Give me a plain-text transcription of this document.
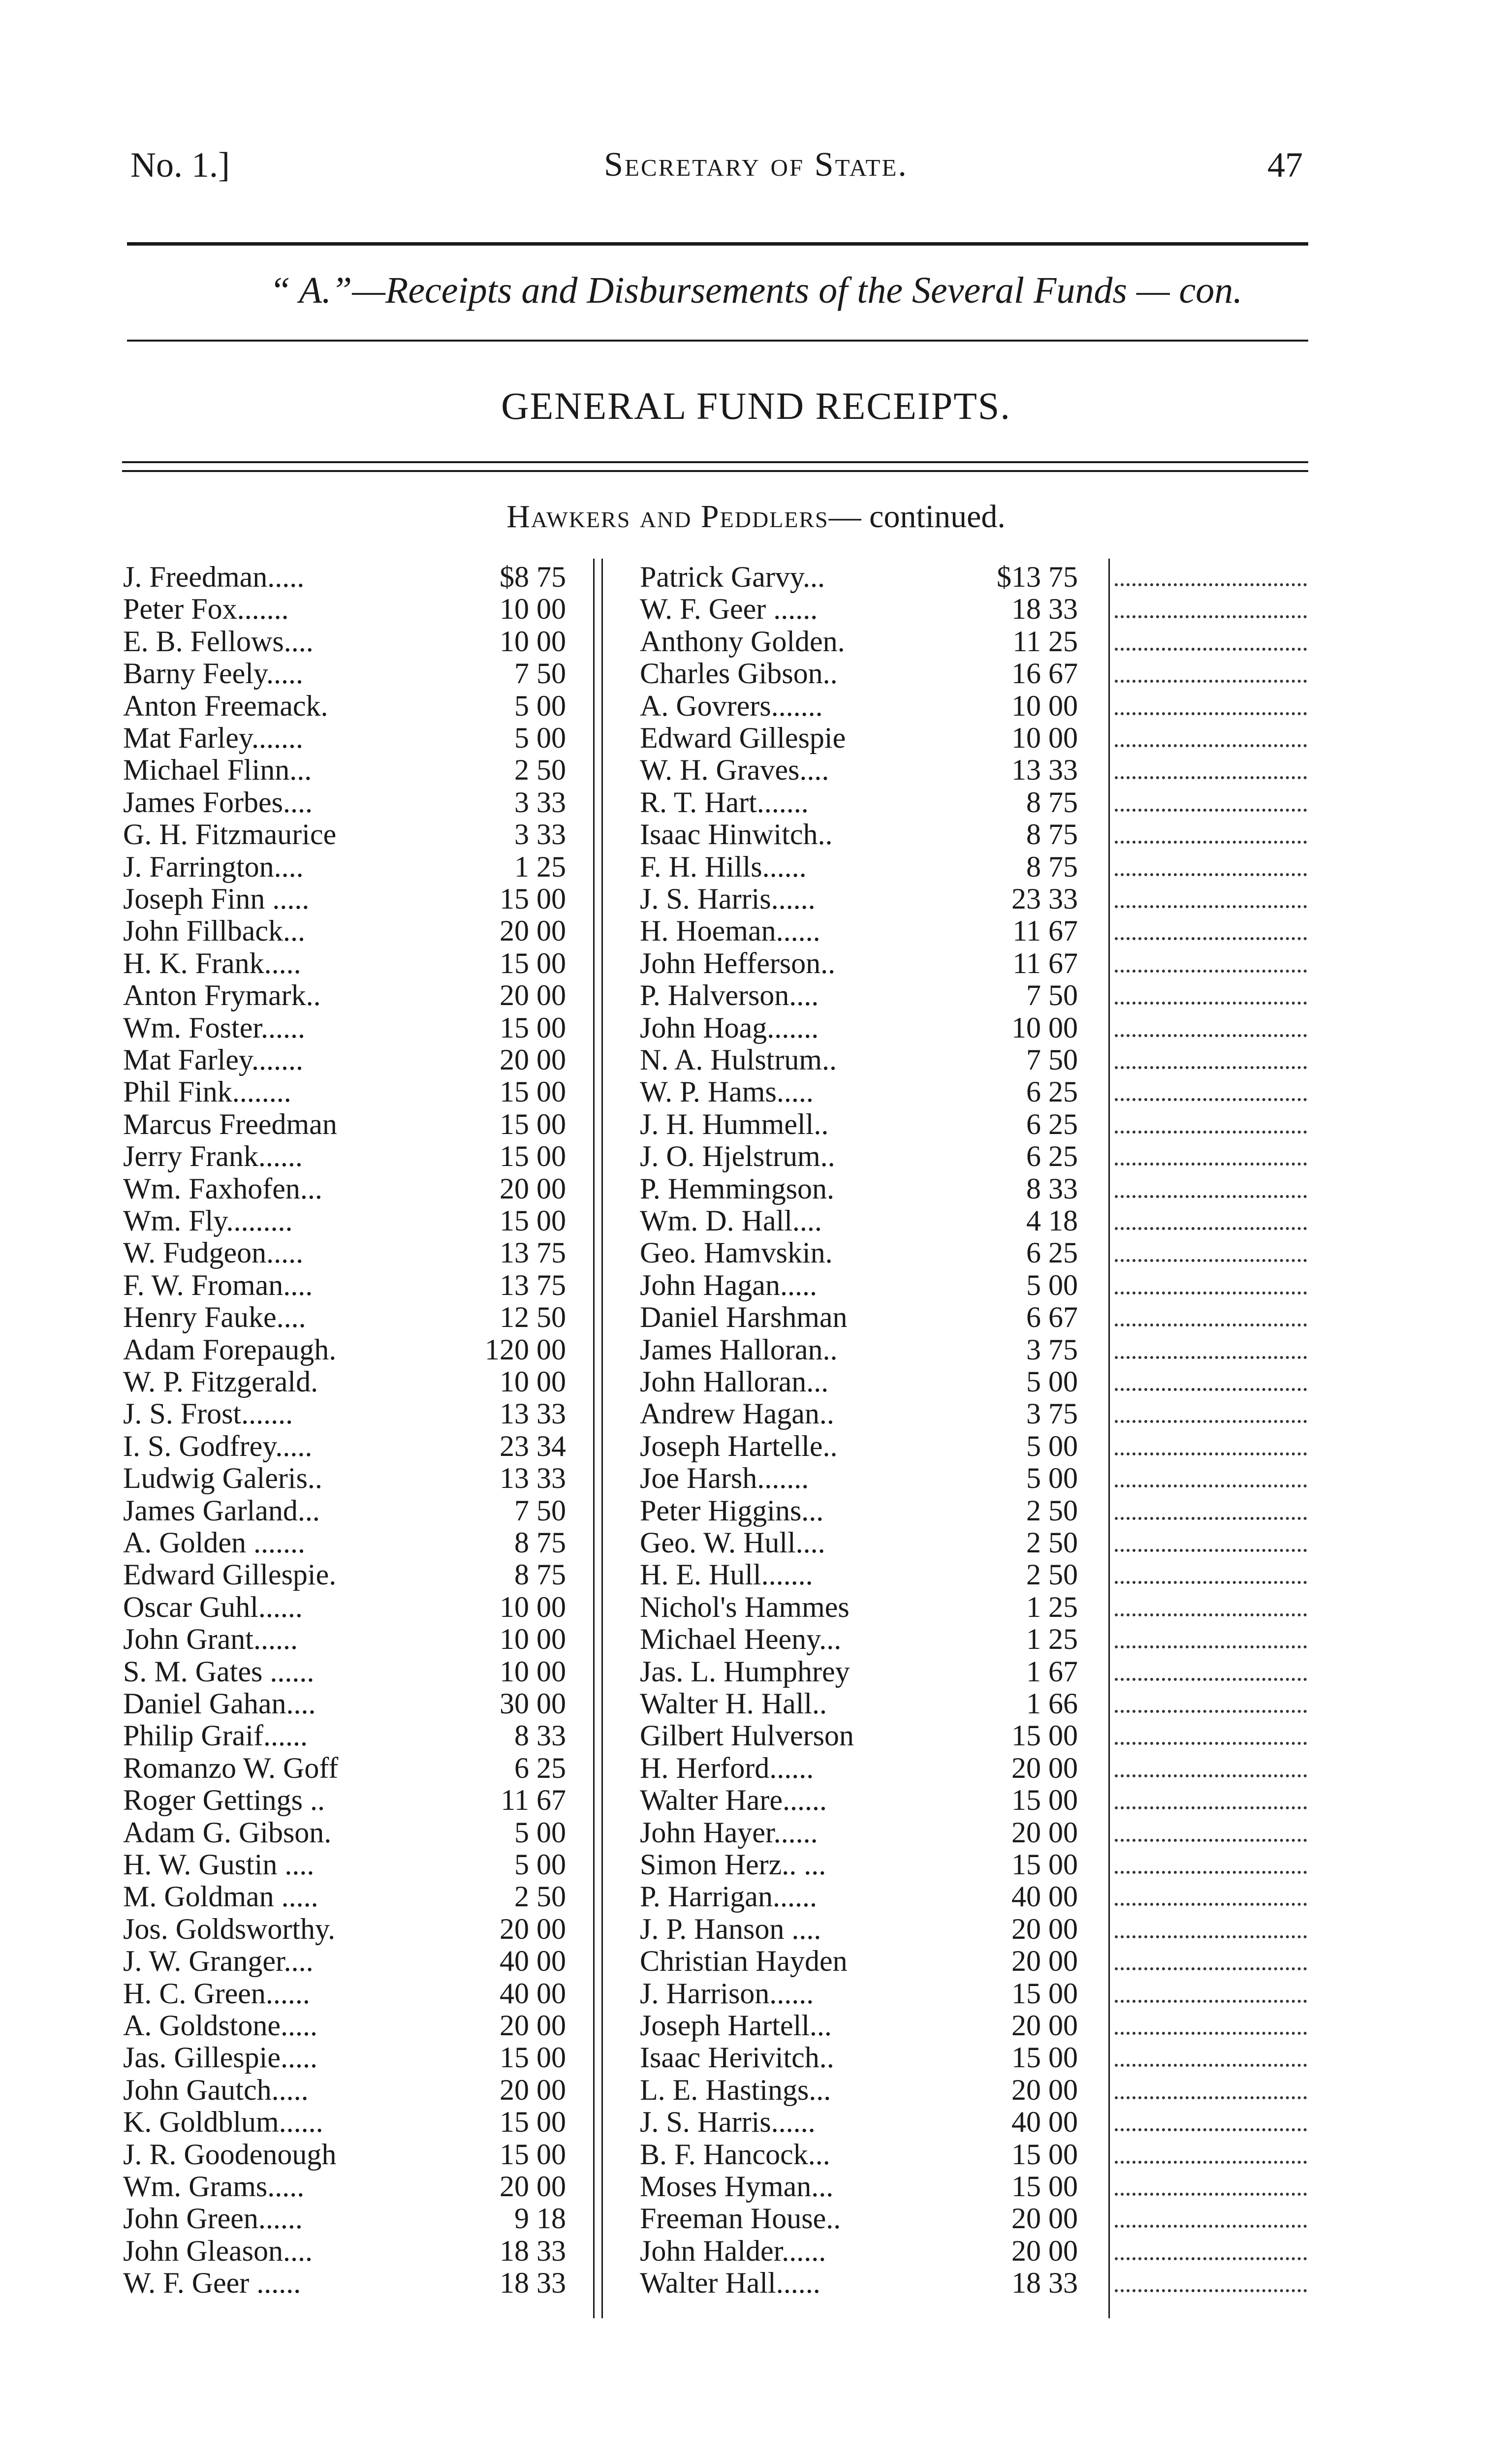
No. 1.]	Secretary of State.	47
“ A.”—Receipts and Disbursements of the Several Funds — con.
GENERAL FUND RECEIPTS.
Hawkers and Peddlers— continued.
J. Freedman.....	$8 75
Peter Fox.......	10 00
E. B. Fellows....	10 00
Barny Feely.....	7 50
Anton Freemack.	5 00
Mat Farley.......	5 00
Michael Flinn...	2 50
James Forbes....	3 33
G. H. Fitzmaurice	3 33
J. Farrington....	1 25
Joseph Finn .....	15 00
John Fillback...	20 00
H. K. Frank.....	15 00
Anton Frymark..	20 00
Wm. Foster......	15 00
Mat Farley.......	20 00
Phil Fink........	15 00
Marcus Freedman	15 00
Jerry Frank......	15 00
Wm. Faxhofen...	20 00
Wm. Fly.........	15 00
W. Fudgeon.....	13 75
F. W. Froman....	13 75
Henry Fauke....	12 50
Adam Forepaugh.	120 00
W. P. Fitzgerald.	10 00
J. S. Frost.......	13 33
I. S. Godfrey.....	23 34
Ludwig Galeris..	13 33
James Garland...	7 50
A. Golden .......	8 75
Edward Gillespie.	8 75
Oscar Guhl......	10 00
John Grant......	10 00
S. M. Gates ......	10 00
Daniel Gahan....	30 00
Philip Graif......	8 33
Romanzo W. Goff	6 25
Roger Gettings ..	11 67
Adam G. Gibson.	5 00
H. W. Gustin ....	5 00
M. Goldman .....	2 50
Jos. Goldsworthy.	20 00
J. W. Granger....	40 00
H. C. Green......	40 00
A. Goldstone.....	20 00
Jas. Gillespie.....	15 00
John Gautch.....	20 00
K. Goldblum......	15 00
J. R. Goodenough	15 00
Wm. Grams.....	20 00
John Green......	9 18
John Gleason....	18 33
W. F. Geer ......	18 33
Patrick Garvy...	$13 75
W. F. Geer ......	18 33
Anthony Golden.	11 25
Charles Gibson..	16 67
A. Govrers.......	10 00
Edward Gillespie	10 00
W. H. Graves....	13 33
R. T. Hart.......	8 75
Isaac Hinwitch..	8 75
F. H. Hills......	8 75
J. S. Harris......	23 33
H. Hoeman......	11 67
John Hefferson..	11 67
P. Halverson....	7 50
John Hoag.......	10 00
N. A. Hulstrum..	7 50
W. P. Hams.....	6 25
J. H. Hummell..	6 25
J. O. Hjelstrum..	6 25
P. Hemmingson.	8 33
Wm. D. Hall....	4 18
Geo. Hamvskin.	6 25
John Hagan.....	5 00
Daniel Harshman	6 67
James Halloran..	3 75
John Halloran...	5 00
Andrew Hagan..	3 75
Joseph Hartelle..	5 00
Joe Harsh.......	5 00
Peter Higgins...	2 50
Geo. W. Hull....	2 50
H. E. Hull.......	2 50
Nichol's Hammes	1 25
Michael Heeny...	1 25
Jas. L. Humphrey	1 67
Walter H. Hall..	1 66
Gilbert Hulverson	15 00
H. Herford......	20 00
Walter Hare......	15 00
John Hayer......	20 00
Simon Herz.. ...	15 00
P. Harrigan......	40 00
J. P. Hanson ....	20 00
Christian Hayden	20 00
J. Harrison......	15 00
Joseph Hartell...	20 00
Isaac Herivitch..	15 00
L. E. Hastings...	20 00
J. S. Harris......	40 00
B. F. Hancock...	15 00
Moses Hyman...	15 00
Freeman House..	20 00
John Halder......	20 00
Walter Hall......	18 33
